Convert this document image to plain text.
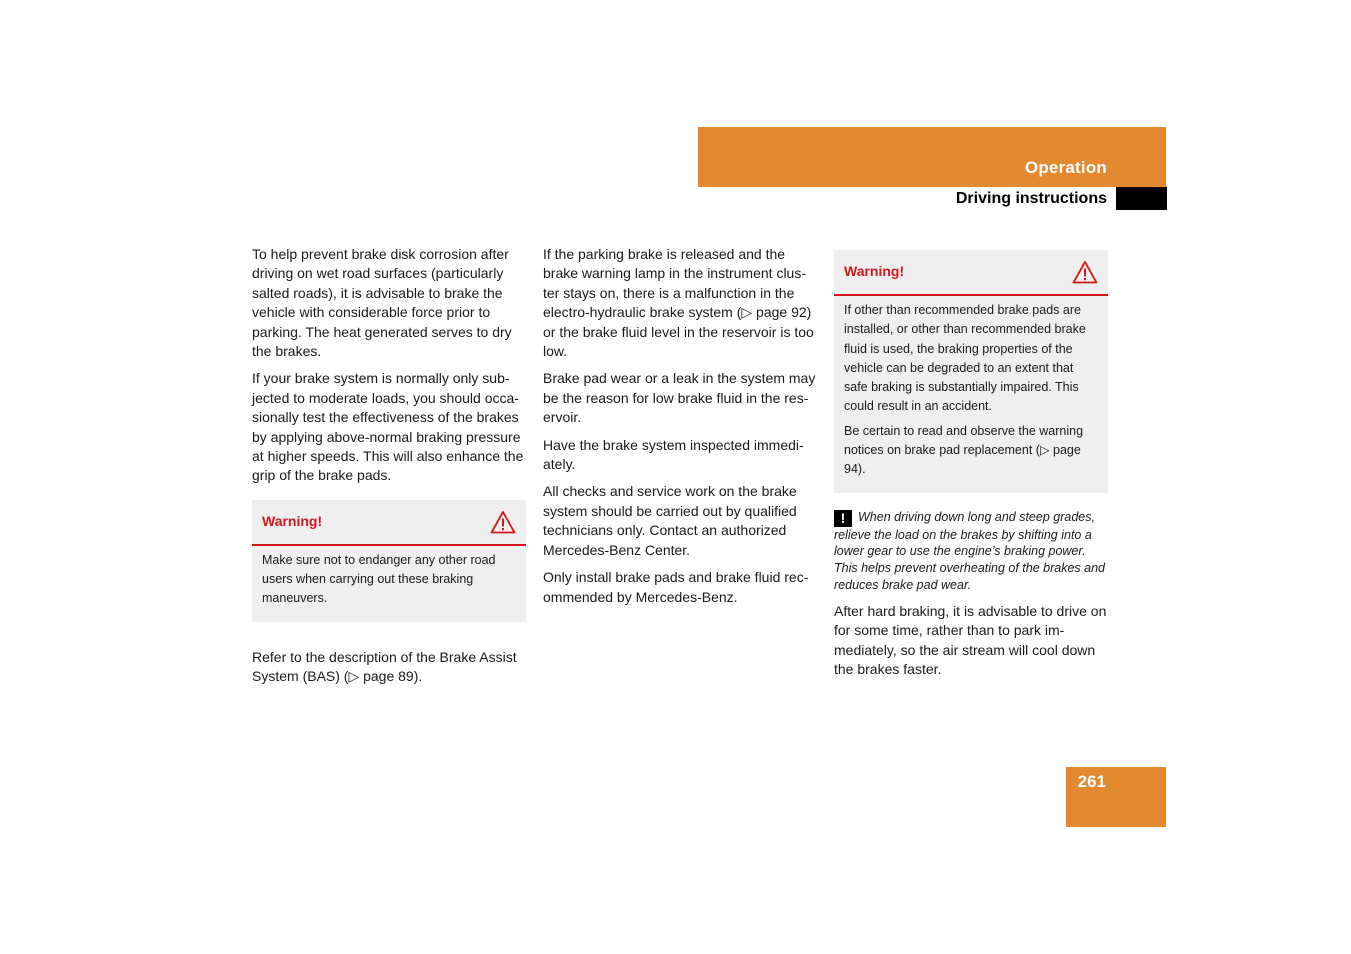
Operation
Driving instructions

To help prevent brake disk corrosion after driving on wet road surfaces (particularly salted roads), it is advisable to brake the vehicle with considerable force prior to parking. The heat generated serves to dry the brakes.

If your brake system is normally only sub-jected to moderate loads, you should occa-sionally test the effectiveness of the brakes by applying above-normal braking pressure at higher speeds. This will also enhance the grip of the brake pads.

Warning!

Make sure not to endanger any other road users when carrying out these braking maneuvers.

Refer to the description of the Brake Assist System (BAS) (▷ page 89).

If the parking brake is released and the brake warning lamp in the instrument clus-ter stays on, there is a malfunction in the electro-hydraulic brake system (▷ page 92) or the brake fluid level in the reservoir is too low.

Brake pad wear or a leak in the system may be the reason for low brake fluid in the res-ervoir.

Have the brake system inspected immedi-ately.

All checks and service work on the brake system should be carried out by qualified technicians only. Contact an authorized Mercedes-Benz Center.

Only install brake pads and brake fluid rec-ommended by Mercedes-Benz.

Warning!

If other than recommended brake pads are installed, or other than recommended brake fluid is used, the braking properties of the vehicle can be degraded to an extent that safe braking is substantially impaired. This could result in an accident.

Be certain to read and observe the warning notices on brake pad replacement (▷ page 94).

! When driving down long and steep grades, relieve the load on the brakes by shifting into a lower gear to use the engine’s braking power. This helps prevent overheating of the brakes and reduces brake pad wear.

After hard braking, it is advisable to drive on for some time, rather than to park im-mediately, so the air stream will cool down the brakes faster.

261
